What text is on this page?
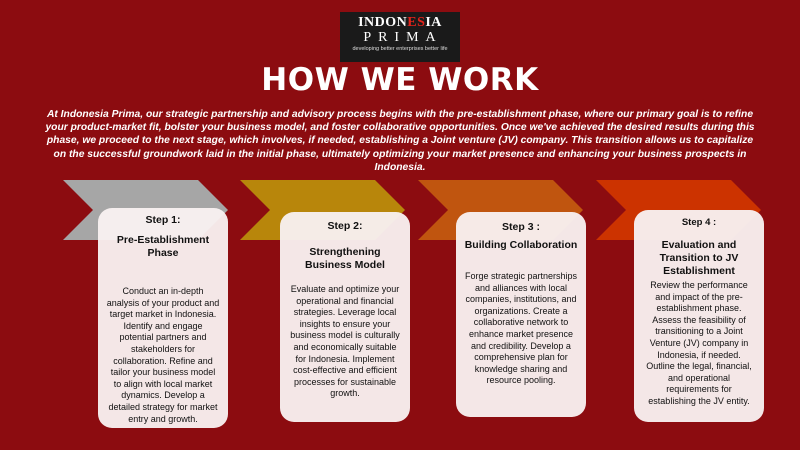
INDONESIA
PRIMA
developing better enterprises better life
HOW WE WORK
At Indonesia Prima, our strategic partnership and advisory process begins with the pre-establishment phase, where our primary goal is to refine your product-market fit, bolster your business model, and foster collaborative opportunities. Once we've achieved the desired results during this phase, we proceed to the next stage, which involves, if needed, establishing a Joint venture (JV) company. This transition allows us to capitalize on the successful groundwork laid in the initial phase, ultimately optimizing your market presence and enhancing your business prospects in Indonesia.
Step 1:
Pre-Establishment Phase
Conduct an in-depth analysis of your product and target market in Indonesia. Identify and engage potential partners and stakeholders for collaboration. Refine and tailor your business model to align with local market dynamics. Develop a detailed strategy for market entry and growth.
Step 2:
Strengthening Business Model
Evaluate and optimize your operational and financial strategies. Leverage local insights to ensure your business model is culturally and economically suitable for Indonesia. Implement cost-effective and efficient processes for sustainable growth.
Step 3 :
Building Collaboration
Forge strategic partnerships and alliances with local companies, institutions, and organizations. Create a collaborative network to enhance market presence and credibility. Develop a comprehensive plan for knowledge sharing and resource pooling.
Step 4 :
Evaluation and Transition to JV Establishment
Review the performance and impact of the pre-establishment phase. Assess the feasibility of transitioning to a Joint Venture (JV) company in Indonesia, if needed. Outline the legal, financial, and operational requirements for establishing the JV entity.
